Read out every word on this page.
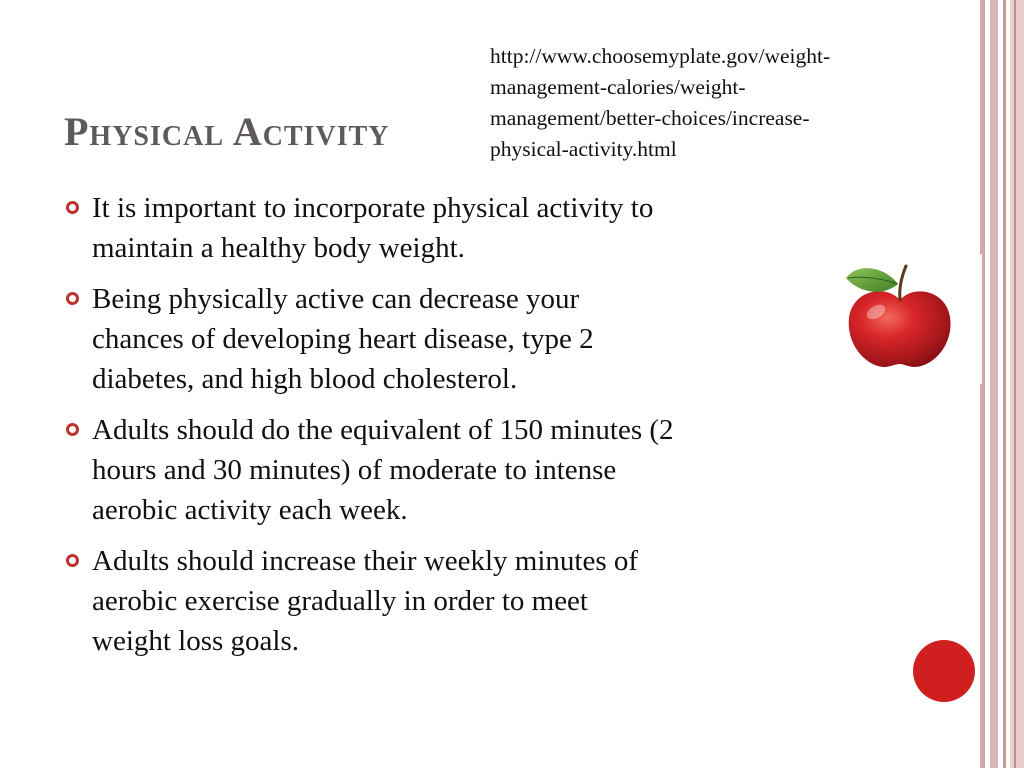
Physical Activity
http://www.choosemyplate.gov/weight-
management-calories/weight-
management/better-choices/increase-
physical-activity.html
It is important to incorporate physical activity to
maintain a healthy body weight.
Being physically active can decrease your
chances of developing heart disease, type 2
diabetes, and high blood cholesterol.
Adults should do the equivalent of 150 minutes (2
hours and 30 minutes) of moderate to intense
aerobic activity each week.
Adults should increase their weekly minutes of
aerobic exercise gradually in order to meet
weight loss goals.
